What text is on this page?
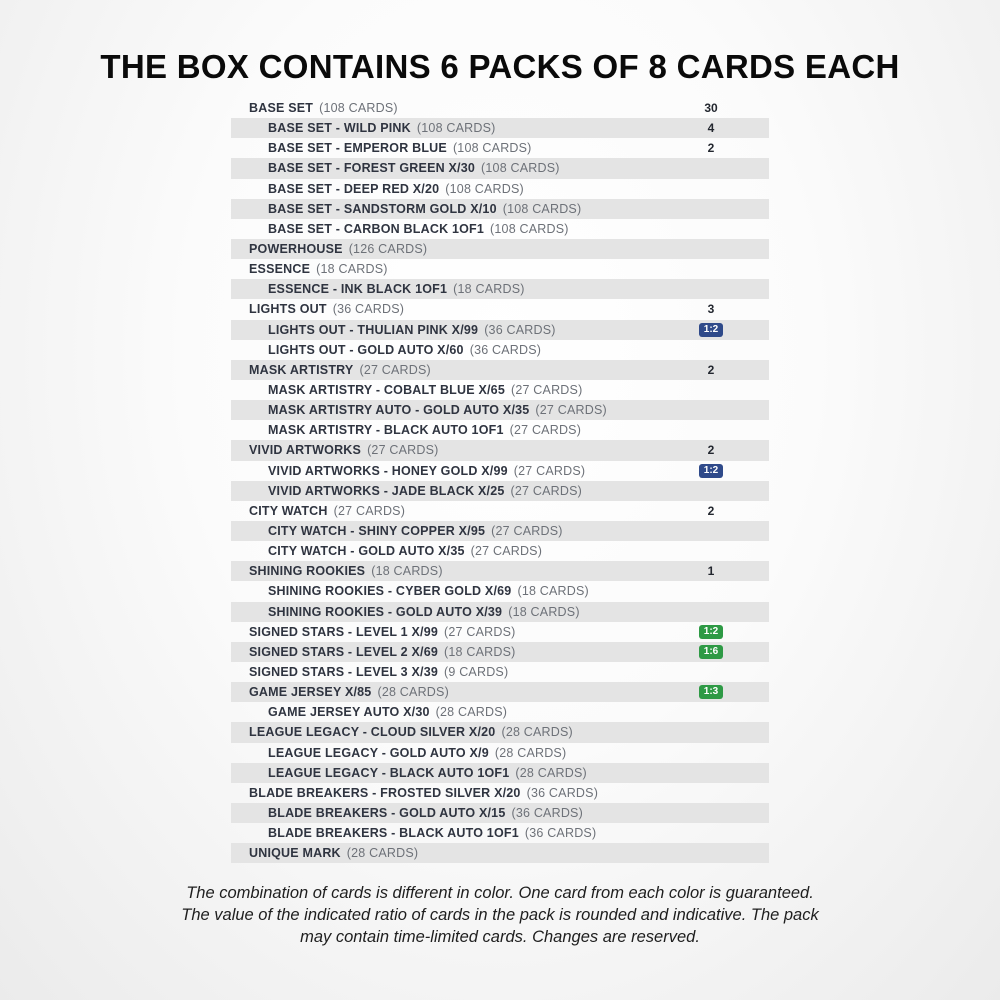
THE BOX CONTAINS 6 PACKS OF 8 CARDS EACH
BASE SET (108 CARDS)	30
BASE SET - WILD PINK (108 CARDS)	4
BASE SET - EMPEROR BLUE (108 CARDS)	2
BASE SET - FOREST GREEN X/30 (108 CARDS)
BASE SET - DEEP RED X/20 (108 CARDS)
BASE SET - SANDSTORM GOLD X/10 (108 CARDS)
BASE SET - CARBON BLACK 1OF1 (108 CARDS)
POWERHOUSE (126 CARDS)
ESSENCE (18 CARDS)
ESSENCE - INK BLACK 1OF1 (18 CARDS)
LIGHTS OUT (36 CARDS)	3
LIGHTS OUT - THULIAN PINK X/99 (36 CARDS)	1:2
LIGHTS OUT - GOLD AUTO X/60 (36 CARDS)
MASK ARTISTRY (27 CARDS)	2
MASK ARTISTRY - COBALT BLUE X/65 (27 CARDS)
MASK ARTISTRY AUTO - GOLD AUTO X/35 (27 CARDS)
MASK ARTISTRY - BLACK AUTO 1OF1 (27 CARDS)
VIVID ARTWORKS (27 CARDS)	2
VIVID ARTWORKS - HONEY GOLD X/99 (27 CARDS)	1:2
VIVID ARTWORKS - JADE BLACK X/25 (27 CARDS)
CITY WATCH (27 CARDS)	2
CITY WATCH - SHINY COPPER X/95 (27 CARDS)
CITY WATCH - GOLD AUTO X/35 (27 CARDS)
SHINING ROOKIES (18 CARDS)	1
SHINING ROOKIES - CYBER GOLD X/69 (18 CARDS)
SHINING ROOKIES - GOLD AUTO X/39 (18 CARDS)
SIGNED STARS - LEVEL 1 X/99 (27 CARDS)	1:2
SIGNED STARS - LEVEL 2 X/69 (18 CARDS)	1:6
SIGNED STARS - LEVEL 3 X/39 (9 CARDS)
GAME JERSEY X/85 (28 CARDS)	1:3
GAME JERSEY AUTO X/30 (28 CARDS)
LEAGUE LEGACY - CLOUD SILVER X/20 (28 CARDS)
LEAGUE LEGACY - GOLD AUTO X/9 (28 CARDS)
LEAGUE LEGACY - BLACK AUTO 1OF1 (28 CARDS)
BLADE BREAKERS - FROSTED SILVER X/20 (36 CARDS)
BLADE BREAKERS - GOLD AUTO X/15 (36 CARDS)
BLADE BREAKERS - BLACK AUTO 1OF1 (36 CARDS)
UNIQUE MARK (28 CARDS)
The combination of cards is different in color. One card from each color is guaranteed.
The value of the indicated ratio of cards in the pack is rounded and indicative. The pack
may contain time-limited cards. Changes are reserved.
